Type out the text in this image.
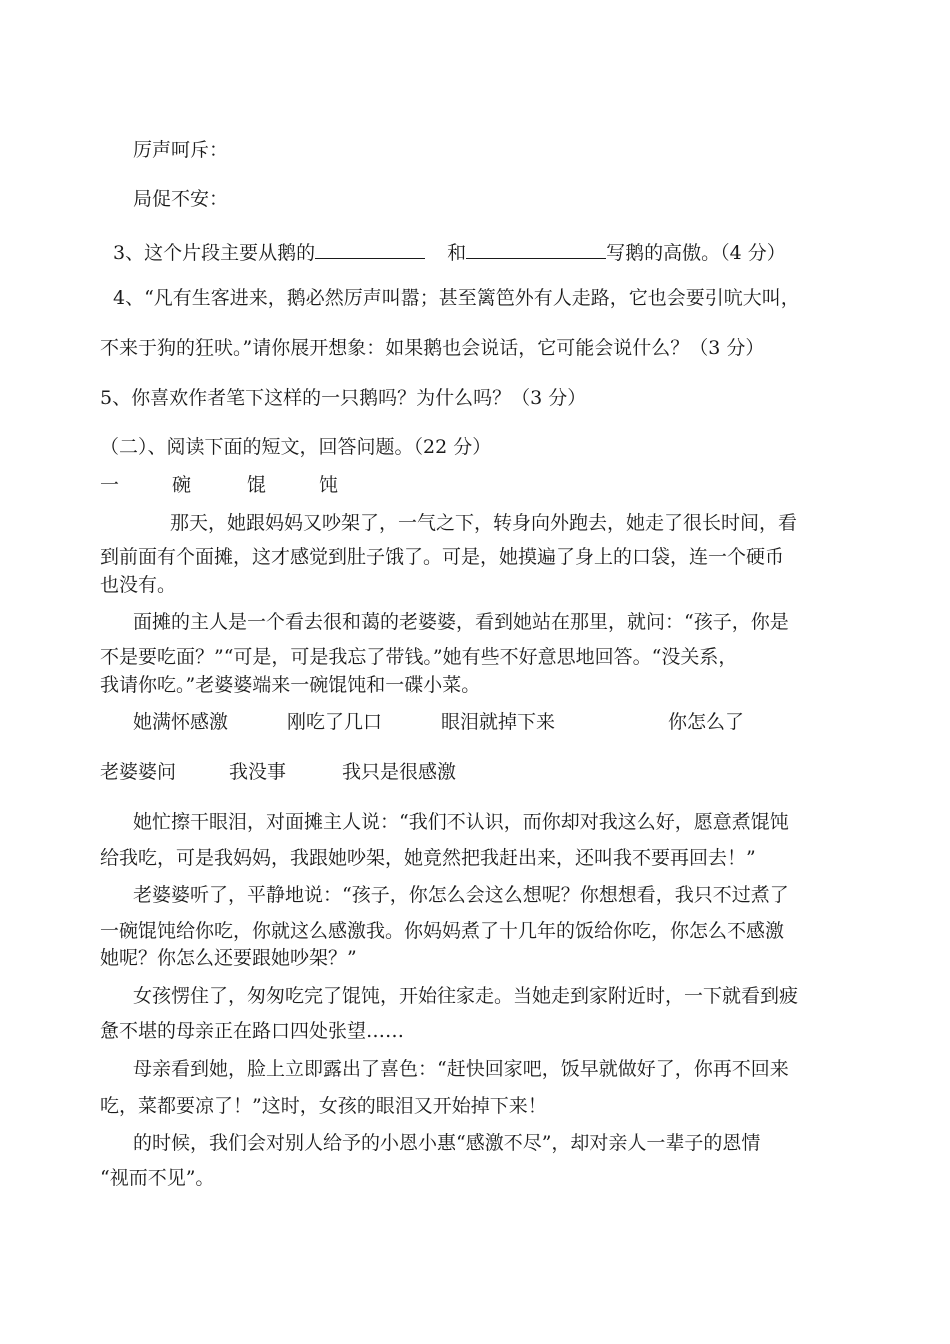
厉声呵斥：
局促不安：
3、这个片段主要从鹅的	和	写鹅的高傲。（4 分）
4、“凡有生客进来，鹅必然厉声叫嚣；甚至篱笆外有人走路，它也会要引吭大叫，
不来于狗的狂吠。”请你展开想象：如果鹅也会说话，它可能会说什么？（3 分）
5、你喜欢作者笔下这样的一只鹅吗？为什么吗？（3 分）
（二）、阅读下面的短文，回答问题。（22 分）
一	碗	馄	饨
那天，她跟妈妈又吵架了，一气之下，转身向外跑去，她走了很长时间，看
到前面有个面摊，这才感觉到肚子饿了。可是，她摸遍了身上的口袋，连一个硬币
也没有。
面摊的主人是一个看去很和蔼的老婆婆，看到她站在那里，就问：“孩子，你是
不是要吃面？”“可是，可是我忘了带钱。”她有些不好意思地回答。“没关系，
我请你吃。”老婆婆端来一碗馄饨和一碟小菜。
她满怀感激	刚吃了几口	眼泪就掉下来	你怎么了
老婆婆问	我没事	我只是很感激
她忙擦干眼泪，对面摊主人说：“我们不认识，而你却对我这么好，愿意煮馄饨
给我吃，可是我妈妈，我跟她吵架，她竟然把我赶出来，还叫我不要再回去！”
老婆婆听了，平静地说：“孩子，你怎么会这么想呢？你想想看，我只不过煮了
一碗馄饨给你吃，你就这么感激我。你妈妈煮了十几年的饭给你吃，你怎么不感激
她呢？你怎么还要跟她吵架？”
女孩愣住了，匆匆吃完了馄饨，开始往家走。当她走到家附近时，一下就看到疲
惫不堪的母亲正在路口四处张望……
母亲看到她，脸上立即露出了喜色：“赶快回家吧，饭早就做好了，你再不回来
吃，菜都要凉了！”这时，女孩的眼泪又开始掉下来！
的时候，我们会对别人给予的小恩小惠“感激不尽”，却对亲人一辈子的恩情
“视而不见”。
